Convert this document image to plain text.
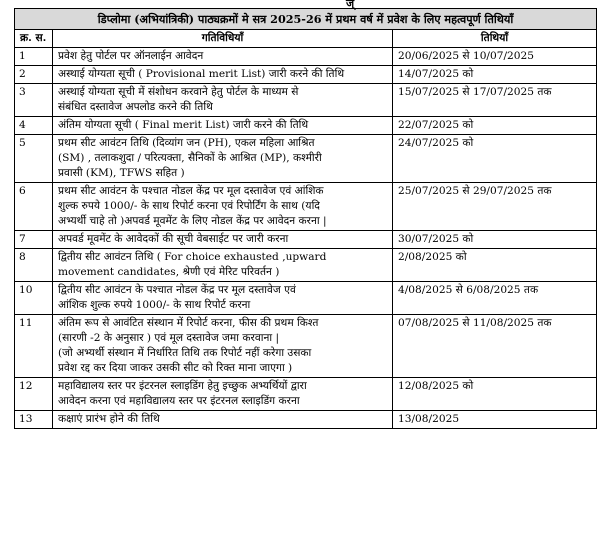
ज्
डिप्लोमा (अभियांत्रिकी) पाठ्यक्रमों मे सत्र 2025-26 में प्रथम वर्ष में प्रवेश के लिए महत्वपूर्ण तिथियाँ		
क्र. स.	गतिविधियाँ	तिथियाँ
1	प्रवेश हेतु पोर्टल पर ऑनलाईन आवेदन	20/06/2025 से 10/07/2025
2	अस्थाई योग्यता सूची ( Provisional merit List) जारी करने की तिथि	14/07/2025 को
3	अस्थाई योग्यता सूची में संशोधन करवाने हेतु पोर्टल के माध्यम से
संबंधित दस्तावेज अपलोड करने की तिथि	15/07/2025 से 17/07/2025 तक
4	अंतिम योग्यता सूची ( Final merit List) जारी करने की तिथि	22/07/2025 को
5	प्रथम सीट आवंटन तिथि (दिव्यांग जन (PH), एकल महिला आश्रित
(SM) , तलाकशुदा / परित्यक्ता, सैनिकों के आश्रित (MP), कश्मीरी
प्रवासी (KM), TFWS सहित )	24/07/2025 को
6	प्रथम सीट आवंटन के पश्चात नोडल केंद्र पर मूल दस्तावेज एवं आंशिक
शुल्क रुपये 1000/- के साथ रिपोर्ट करना एवं रिपोर्टिंग के साथ (यदि
अभ्यर्थी चाहे तो )अपवर्ड मूवमेंट के लिए नोडल केंद्र पर आवेदन करना |	25/07/2025 से 29/07/2025 तक
7	अपवर्ड मूवमेंट के आवेदकों की सूची वेबसाईट पर जारी करना	30/07/2025 को
8	द्वितीय सीट आवंटन तिथि ( For choice exhausted ,upward
movement candidates, श्रेणी एवं मेरिट परिवर्तन )	2/08/2025 को
10	द्वितीय सीट आवंटन के पश्चात नोडल केंद्र पर मूल दस्तावेज एवं
आंशिक शुल्क रुपये 1000/- के साथ रिपोर्ट करना	4/08/2025 से 6/08/2025 तक
11	अंतिम रूप से आवंटित संस्थान में रिपोर्ट करना, फीस की प्रथम किश्त
(सारणी -2 के अनुसार ) एवं मूल दस्तावेज जमा करवाना |
(जो अभ्यर्थी संस्थान में निर्धारित तिथि तक रिपोर्ट नहीं करेगा उसका
प्रवेश रद्द कर दिया जाकर उसकी सीट को रिक्त माना जाएगा )	07/08/2025 से 11/08/2025 तक
12	महाविद्यालय स्तर पर इंटरनल स्लाइडिंग हेतु इच्छुक अभ्यर्थियों द्वारा
आवेदन करना एवं महाविद्यालय स्तर पर इंटरनल स्लाइडिंग करना	12/08/2025 को
13	कक्षाएं प्रारंभ होने की तिथि	13/08/2025
